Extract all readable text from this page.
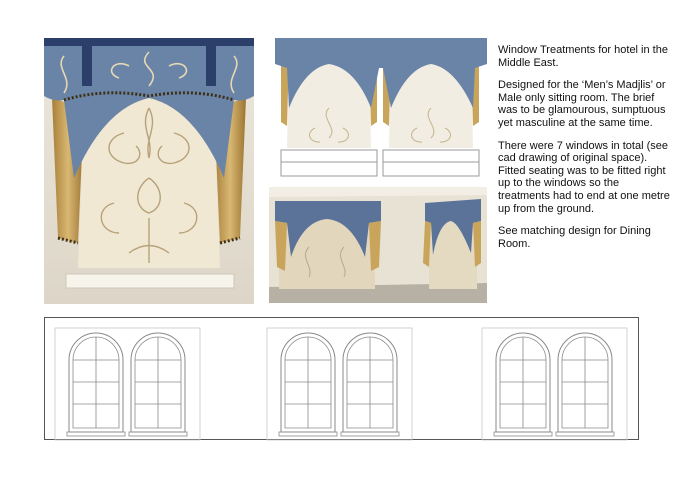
Window Treatments for hotel in the Middle East.

Designed for the ‘Men’s Madjlis’ or Male only sitting room. The brief was to be glamourous, sumptuous yet masculine at the same time.

There were 7 windows in total (see cad drawing of original space). Fitted seating was to be fitted right up to the windows so the treatments had to end at one metre up from the ground.

See matching design for Dining Room.
